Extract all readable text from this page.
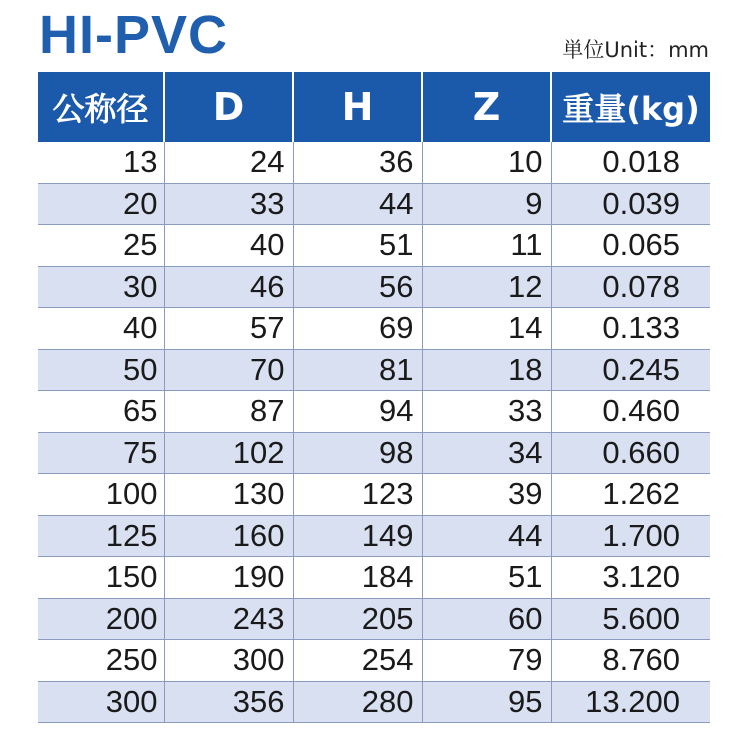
HI-PVC	単位Unit：mm
公称径	D	H	Z	重量(kg)
13	24	36	10	0.018
20	33	44	9	0.039
25	40	51	11	0.065
30	46	56	12	0.078
40	57	69	14	0.133
50	70	81	18	0.245
65	87	94	33	0.460
75	102	98	34	0.660
100	130	123	39	1.262
125	160	149	44	1.700
150	190	184	51	3.120
200	243	205	60	5.600
250	300	254	79	8.760
300	356	280	95	13.200
